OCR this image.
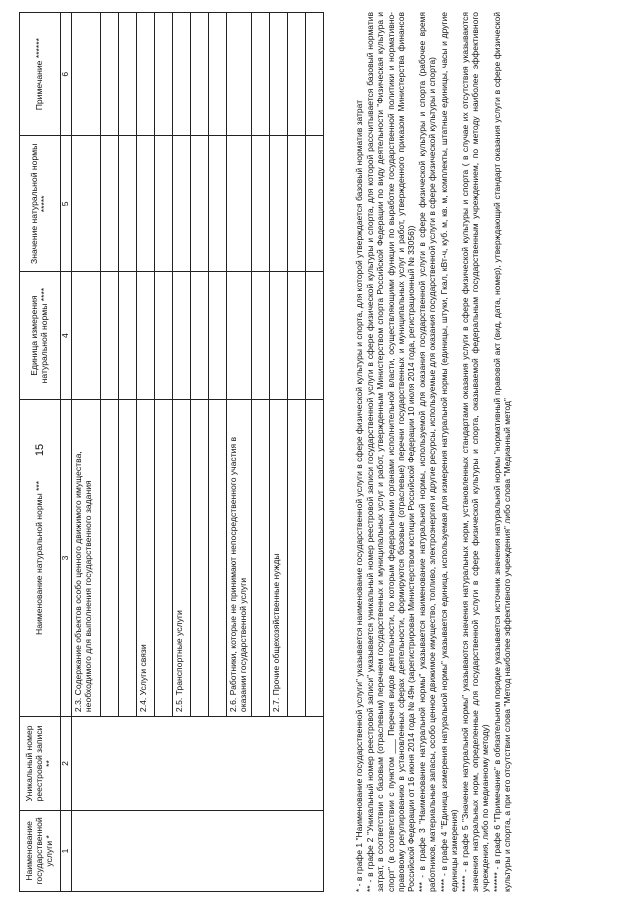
15
Наименование государственной услуги *	Уникальный номер реестровой записи **	Наименование натуральной нормы ***	Единица измерения натуральной нормы ****	Значение натуральной нормы *****	Примечание ******
1	2	3	4	5	6
		2.3. Содержание объектов особо ценного движимого имущества, необходимого для выполнения государственного задания			

		2.4. Услуги связи			

		2.5. Транспортные услуги			

		2.6. Работники, которые не принимают непосредственного участия в оказании государственной услуги			

		2.7. Прочие общехозяйственные нужды			

				* - в графе 1 "Наименование государственной услуги" указывается наименование государственной услуги в сфере физической культуры и спорта, для которой утверждается базовый норматив затрат ** - в графе 2 "Уникальный номер реестровой записи" указывается уникальный номер реестровой записи государственной услуги в сфере физической культуры и спорта, для которой рассчитывается базовый норматив затрат, в соответствии с базовым (отраслевым) перечнем государственных и муниципальных услуг и работ, утвержденным Министерством спорта Российской Федерации по виду деятельности "Физическая культура и спорт" (в соответствии с пунктом ___ Перечня видов деятельности, по которым федеральными органами исполнительной власти, осуществляющими функции по выработке государственной политики и нормативно-правовому регулированию в установленных сферах деятельности, формируются базовые (отраслевые) перечни государственных и муниципальных услуг и работ, утвержденного приказом Министерства финансов Российской Федерации от 16 июня 2014 года № 49н (зарегистрирован Министерством юстиции Российской Федерации 10 июля 2014 года, регистрационный № 33056)) *** - в графе 3 "Наименование натуральной нормы" указывается наименование натуральной нормы, используемой для оказания государственной услуги в сфере физической культуры и спорта (рабочее время работников, материальные запасы, особо ценное движимое имущество, топливо, электроэнергия и другие ресурсы, используемые для оказания государственной услуги в сфере физической культуры и спорта) **** - в графе 4 "Единица измерения натуральной нормы" указывается единица, используемая для измерения натуральной нормы (единицы, штуки, Гкал, кВт-ч, куб. м, кв. м, комплекты, штатные единицы, часы и другие единицы измерения) ***** - в графе 5 "Значение натуральной нормы" указываются значения натуральных норм, установленных стандартами оказания услуги в сфере физической культуры и спорта ( в случае их отсутствия указываются значения натуральных норм, определенные для государственной услуги в сфере физической культуры и спорта, оказываемой федеральным государственным учреждением, по методу наиболее эффективного учреждения, либо по медианному методу) ****** - в графе 6 "Примечание" в обязательном порядке указывается источник значения натуральной нормы "нормативный правовой акт (вид, дата, номер), утверждающий стандарт оказания услуги в сфере физической культуры и спорта, а при его отсутствии слова "Метод наиболее эффективного учреждения" либо слова "Медианный метод"
